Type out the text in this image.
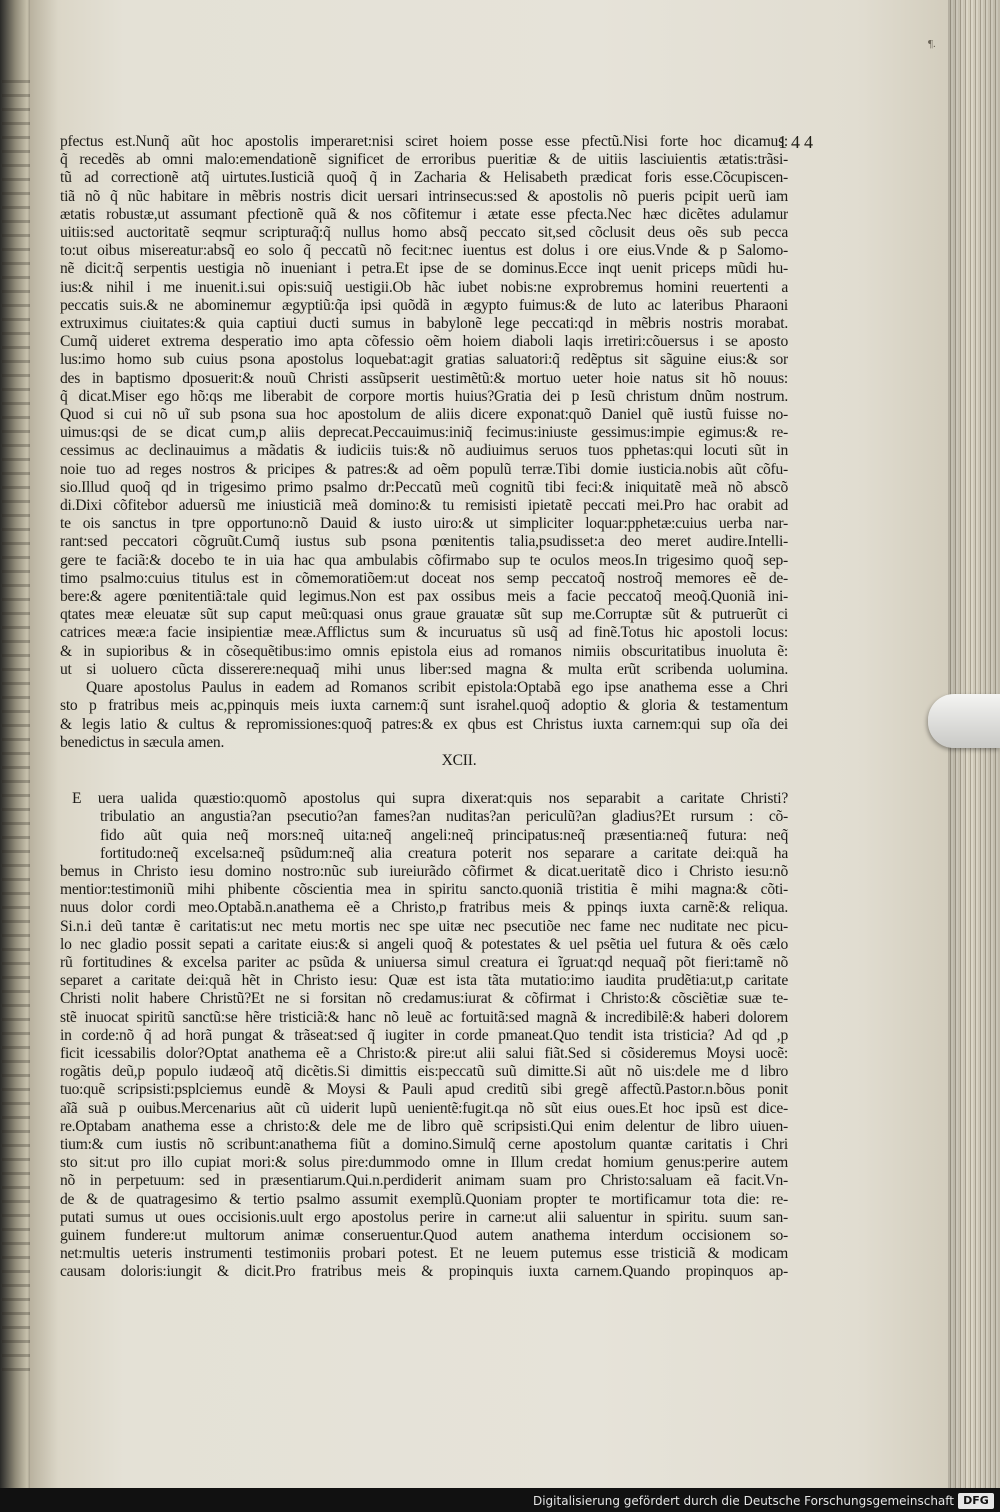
¶.
144
pfectus est.Nunq̃ aũt hoc apostolis imperaret:nisi sciret hoiem posse esse pfectũ.Nisi forte hoc dicamus:
q̃ recedẽs ab omni malo:emendationẽ significet de erroribus pueritiæ & de uitiis lasciuientis ætatis:trãsi-
tũ ad correctionẽ atq̃ uirtutes.Iusticiã quoq̃ q̃ in Zacharia & Helisabeth prædicat foris esse.Cõcupiscen-
tiã nõ q̃ nũc habitare in mẽbris nostris dicit uersari intrinsecus:sed & apostolis nõ pueris pcipit uerũ iam
ætatis robustæ,ut assumant pfectionẽ quã & nos cõfitemur i ætate esse pfecta.Nec hæc dicẽtes adulamur
uitiis:sed auctoritatẽ seqmur scripturaq̃:q̃ nullus homo absq̃ peccato sit,sed cõclusit deus oẽs sub pecca
to:ut oibus misereatur:absq̃ eo solo q̃ peccatũ nõ fecit:nec iuentus est dolus i ore eius.Vnde & p Salomo-
nẽ dicit:q̃ serpentis uestigia nõ inueniant i petra.Et ipse de se dominus.Ecce inqt uenit priceps mũdi hu-
ius:& nihil i me inuenit.i.sui opis:suiq̃ uestigii.Ob hãc iubet nobis:ne exprobremus homini reuertenti a
peccatis suis.& ne abominemur ægyptiũ:q̃a ipsi quõdã in ægypto fuimus:& de luto ac lateribus Pharaoni
extruximus ciuitates:& quia captiui ducti sumus in babylonẽ lege peccati:qd in mẽbris nostris morabat.
Cumq̃ uideret extrema desperatio imo apta cõfessio oẽm hoiem diaboli laqis irretiri:cõuersus i se aposto
lus:imo homo sub cuius psona apostolus loquebat:agit gratias saluatori:q̃ redẽptus sit sãguine eius:& sor
des in baptismo dposuerit:& nouũ Christi assũpserit uestimẽtũ:& mortuo ueter hoie natus sit hõ nouus:
q̃ dicat.Miser ego hõ:qs me liberabit de corpore mortis huius?Gratia dei p Iesũ christum dnũm nostrum.
Quod si cui nõ uĩ sub psona sua hoc apostolum de aliis dicere exponat:quõ Daniel quẽ iustũ fuisse no-
uimus:qsi de se dicat cum,p aliis deprecat.Peccauimus:iniq̃ fecimus:iniuste gessimus:impie egimus:& re-
cessimus ac declinauimus a mãdatis & iudiciis tuis:& nõ audiuimus seruos tuos pphetas:qui locuti sũt in
noie tuo ad reges nostros & pricipes & patres:& ad oẽm populũ terræ.Tibi domie iusticia.nobis aũt cõfu-
sio.Illud quoq̃ qd in trigesimo primo psalmo dr:Peccatũ meũ cognitũ tibi feci:& iniquitatẽ meã nõ abscõ
di.Dixi cõfitebor aduersũ me iniusticiã meã domino:& tu remisisti ipietatẽ peccati mei.Pro hac orabit ad
te ois sanctus in tpre opportuno:nõ Dauid & iusto uiro:& ut simpliciter loquar:pphetæ:cuius uerba nar-
rant:sed peccatori cõgruũt.Cumq̃ iustus sub psona pœnitentis talia,psudisset:a deo meret audire.Intelli-
gere te faciã:& docebo te in uia hac qua ambulabis cõfirmabo sup te oculos meos.In trigesimo quoq̃ sep-
timo psalmo:cuius titulus est in cõmemoratiõem:ut doceat nos semp peccatoq̃ nostroq̃ memores eẽ de-
bere:& agere pœnitentiã:tale quid legimus.Non est pax ossibus meis a facie peccatoq̃ meoq̃.Quoniã ini-
qtates meæ eleuatæ sũt sup caput meũ:quasi onus graue grauatæ sũt sup me.Corruptæ sũt & putruerũt ci
catrices meæ:a facie insipientiæ meæ.Afflictus sum & incuruatus sũ usq̃ ad finẽ.Totus hic apostoli locus:
& in supioribus & in cõsequẽtibus:imo omnis epistola eius ad romanos nimiis obscuritatibus inuoluta ẽ:
ut si uoluero cũcta disserere:nequaq̃ mihi unus liber:sed magna & multa erũt scribenda uolumina.
Quare apostolus Paulus in eadem ad Romanos scribit epistola:Optabã ego ipse anathema esse a Chri
sto p fratribus meis ac,ppinquis meis iuxta carnem:q̃ sunt israhel.quoq̃ adoptio & gloria & testamentum
& legis latio & cultus & repromissiones:quoq̃ patres:& ex qbus est Christus iuxta carnem:qui sup oĩa dei
benedictus in sæcula amen.
XCII.
E uera ualida quæstio:quomõ apostolus qui supra dixerat:quis nos separabit a caritate Christi?
tribulatio an angustia?an psecutio?an fames?an nuditas?an periculũ?an gladius?Et rursum : cõ-
fido aũt quia neq̃ mors:neq̃ uita:neq̃ angeli:neq̃ principatus:neq̃ præsentia:neq̃ futura: neq̃
fortitudo:neq̃ excelsa:neq̃ psũdum:neq̃ alia creatura poterit nos separare a caritate dei:quã ha
bemus in Christo iesu domino nostro:nũc sub iureiurãdo cõfirmet & dicat.ueritatẽ dico i Christo iesu:nõ
mentior:testimoniũ mihi phibente cõscientia mea in spiritu sancto.quoniã tristitia ẽ mihi magna:& cõti-
nuus dolor cordi meo.Optabã.n.anathema eẽ a Christo,p fratribus meis & ppinqs iuxta carnẽ:& reliqua.
Si.n.i deũ tantæ ẽ caritatis:ut nec metu mortis nec spe uitæ nec psecutiõe nec fame nec nuditate nec picu-
lo nec gladio possit sepati a caritate eius:& si angeli quoq̃ & potestates & uel psẽtia uel futura & oẽs cælo
rũ fortitudines & excelsa pariter ac psũda & uniuersa simul creatura ei ĩgruat:qd nequaq̃ põt fieri:tamẽ nõ
separet a caritate dei:quã hẽt in Christo iesu: Quæ est ista tãta mutatio:imo iaudita prudẽtia:ut,p caritate
Christi nolit habere Christũ?Et ne si forsitan nõ credamus:iurat & cõfirmat i Christo:& cõsciẽtiæ suæ te-
stẽ inuocat spiritũ sanctũ:se hẽre tristiciã:& hanc nõ leuẽ ac fortuitã:sed magnã & incredibilẽ:& haberi dolorem
in corde:nõ q̃ ad horã pungat & trãseat:sed q̃ iugiter in corde pmaneat.Quo tendit ista tristicia? Ad qd ,p
ficit icessabilis dolor?Optat anathema eẽ a Christo:& pire:ut alii salui fiãt.Sed si cõsideremus Moysi uocẽ:
rogãtis deũ,p populo iudæoq̃ atq̃ dicẽtis.Si dimittis eis:peccatũ suũ dimitte.Si aũt nõ uis:dele me d libro
tuo:quẽ scripsisti:psplciemus eundẽ & Moysi & Pauli apud creditũ sibi gregẽ affectũ.Pastor.n.bõus ponit
aĩã suã p ouibus.Mercenarius aũt cũ uiderit lupũ uenientẽ:fugit.qa nõ sũt eius oues.Et hoc ipsũ est dice-
re.Optabam anathema esse a christo:& dele me de libro quẽ scripsisti.Qui enim delentur de libro uiuen-
tium:& cum iustis nõ scribunt:anathema fiũt a domino.Simulq̃ cerne apostolum quantæ caritatis i Chri
sto sit:ut pro illo cupiat mori:& solus pire:dummodo omne in Illum credat homium genus:perire autem
nõ in perpetuum: sed in præsentiarum.Qui.n.perdiderit animam suam pro Christo:saluam eã facit.Vn-
de & de quatragesimo & tertio psalmo assumit exemplũ.Quoniam propter te mortificamur tota die: re-
putati sumus ut oues occisionis.uult ergo apostolus perire in carne:ut alii saluentur in spiritu. suum san-
guinem fundere:ut multorum animæ conseruentur.Quod autem anathema interdum occisionem so-
net:multis ueteris instrumenti testimoniis probari potest. Et ne leuem putemus esse tristiciã & modicam
causam doloris:iungit & dicit.Pro fratribus meis & propinquis iuxta carnem.Quando propinquos ap-
Digitalisierung gefördert durch die Deutsche Forschungsgemeinschaft DFG
